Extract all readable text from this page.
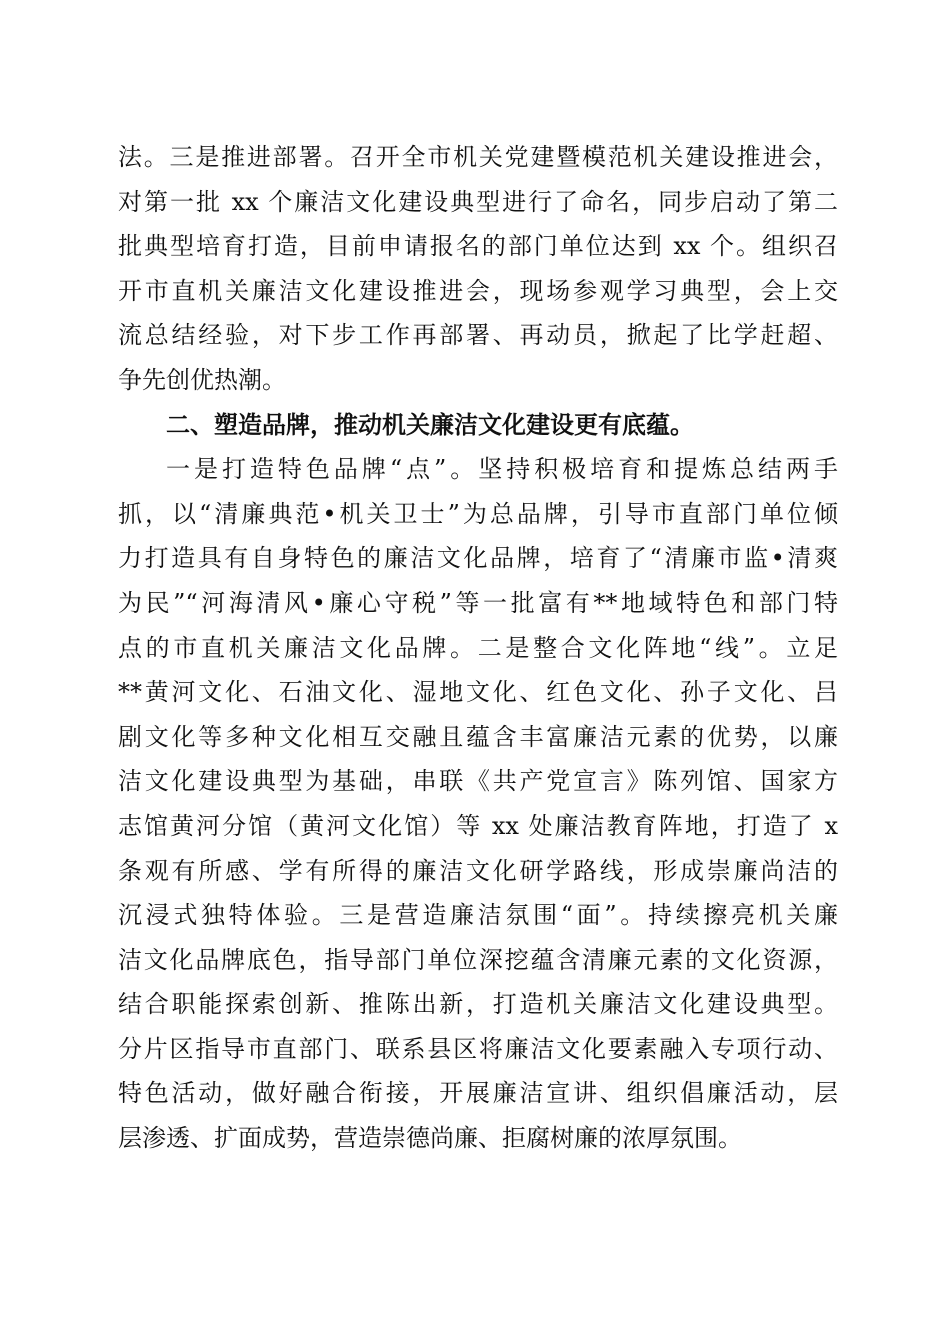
法。三是推进部署。召开全市机关党建暨模范机关建设推进会，
对第一批 xx 个廉洁文化建设典型进行了命名，同步启动了第二
批典型培育打造，目前申请报名的部门单位达到 xx 个。组织召
开市直机关廉洁文化建设推进会，现场参观学习典型，会上交
流总结经验，对下步工作再部署、再动员，掀起了比学赶超、
争先创优热潮。
二、塑造品牌，推动机关廉洁文化建设更有底蕴。
一是打造特色品牌“点”。坚持积极培育和提炼总结两手
抓，以“清廉典范•机关卫士”为总品牌，引导市直部门单位倾
力打造具有自身特色的廉洁文化品牌，培育了“清廉市监•清爽
为民”“河海清风•廉心守税”等一批富有**地域特色和部门特
点的市直机关廉洁文化品牌。二是整合文化阵地“线”。立足
**黄河文化、石油文化、湿地文化、红色文化、孙子文化、吕
剧文化等多种文化相互交融且蕴含丰富廉洁元素的优势，以廉
洁文化建设典型为基础，串联《共产党宣言》陈列馆、国家方
志馆黄河分馆（黄河文化馆）等 xx 处廉洁教育阵地，打造了 x
条观有所感、学有所得的廉洁文化研学路线，形成崇廉尚洁的
沉浸式独特体验。三是营造廉洁氛围“面”。持续擦亮机关廉
洁文化品牌底色，指导部门单位深挖蕴含清廉元素的文化资源，
结合职能探索创新、推陈出新，打造机关廉洁文化建设典型。
分片区指导市直部门、联系县区将廉洁文化要素融入专项行动、
特色活动，做好融合衔接，开展廉洁宣讲、组织倡廉活动，层
层渗透、扩面成势，营造崇德尚廉、拒腐树廉的浓厚氛围。
